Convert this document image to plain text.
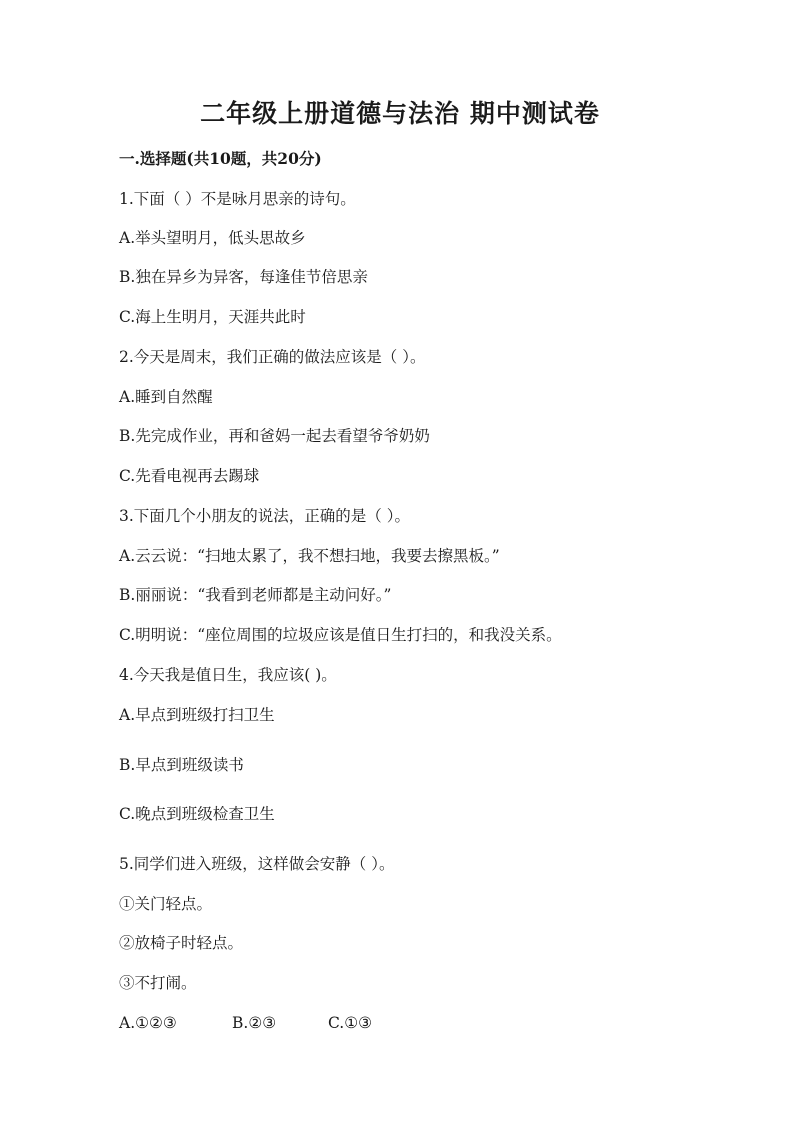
二年级上册道德与法治 期中测试卷
一.选择题(共10题，共20分)
1.下面（ ）不是咏月思亲的诗句。
A.举头望明月，低头思故乡
B.独在异乡为异客，每逢佳节倍思亲
C.海上生明月，天涯共此时
2.今天是周末，我们正确的做法应该是（ ）。
A.睡到自然醒
B.先完成作业，再和爸妈一起去看望爷爷奶奶
C.先看电视再去踢球
3.下面几个小朋友的说法，正确的是（ ）。
A.云云说：“扫地太累了，我不想扫地，我要去擦黑板。”
B.丽丽说：“我看到老师都是主动问好。”
C.明明说：“座位周围的垃圾应该是值日生打扫的，和我没关系。
4.今天我是值日生，我应该( )。
A.早点到班级打扫卫生
B.早点到班级读书
C.晚点到班级检查卫生
5.同学们进入班级，这样做会安静（ ）。
①关门轻点。
②放椅子时轻点。
③不打闹。
A.①②③	B.②③	C.①③
